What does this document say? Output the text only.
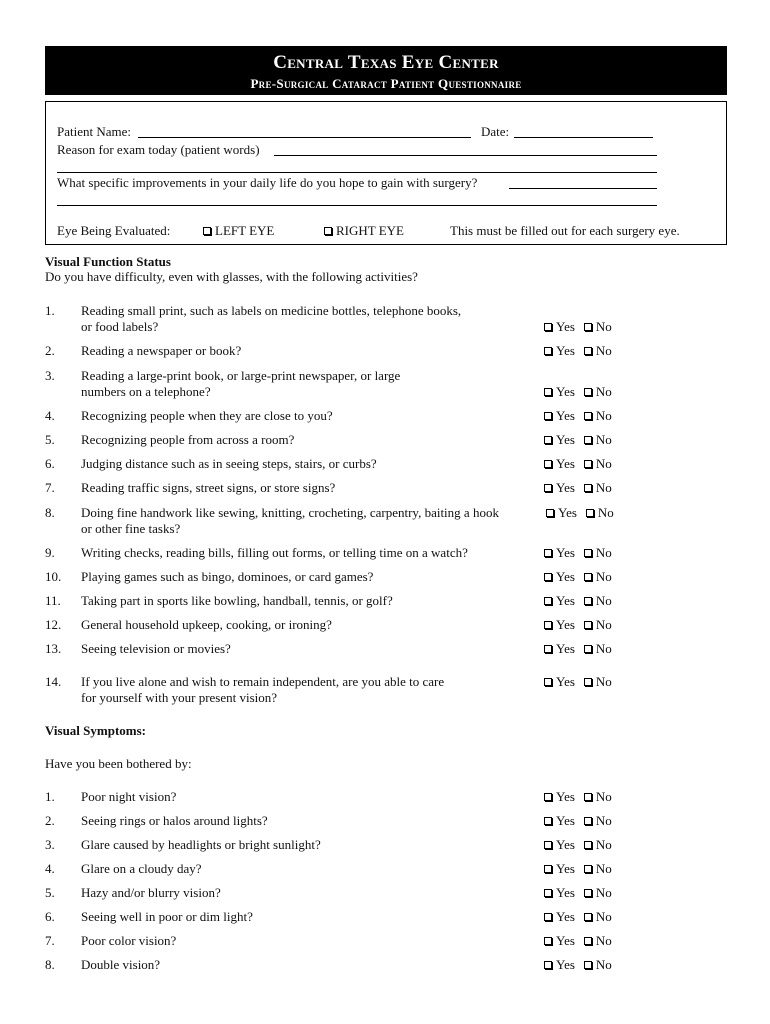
Central Texas Eye Center
Pre-Surgical Cataract Patient Questionnaire
Patient Name:	Date:
Reason for exam today (patient words)
What specific improvements in your daily life do you hope to gain with surgery?
Eye Being Evaluated:	LEFT EYE	RIGHT EYE	This must be filled out for each surgery eye.
Visual Function Status
Do you have difficulty, even with glasses, with the following activities?
1. Reading small print, such as labels on medicine bottles, telephone books,
or food labels?	Yes No
2. Reading a newspaper or book?	Yes No
3. Reading a large-print book, or large-print newspaper, or large
numbers on a telephone?	Yes No
4. Recognizing people when they are close to you?	Yes No
5. Recognizing people from across a room?	Yes No
6. Judging distance such as in seeing steps, stairs, or curbs?	Yes No
7. Reading traffic signs, street signs, or store signs?	Yes No
8. Doing fine handwork like sewing, knitting, crocheting, carpentry, baiting a hook
or other fine tasks?
Yes No
9. Writing checks, reading bills, filling out forms, or telling time on a watch?	Yes No
10. Playing games such as bingo, dominoes, or card games?	Yes No
11. Taking part in sports like bowling, handball, tennis, or golf?	Yes No
12. General household upkeep, cooking, or ironing?	Yes No
13. Seeing television or movies?	Yes No
14. If you live alone and wish to remain independent, are you able to care
for yourself with your present vision?
Yes No
Visual Symptoms:
Have you been bothered by:
1. Poor night vision?	Yes No
2. Seeing rings or halos around lights?	Yes No
3. Glare caused by headlights or bright sunlight?	Yes No
4. Glare on a cloudy day?	Yes No
5. Hazy and/or blurry vision?	Yes No
6. Seeing well in poor or dim light?	Yes No
7. Poor color vision?	Yes No
8. Double vision?	Yes No
